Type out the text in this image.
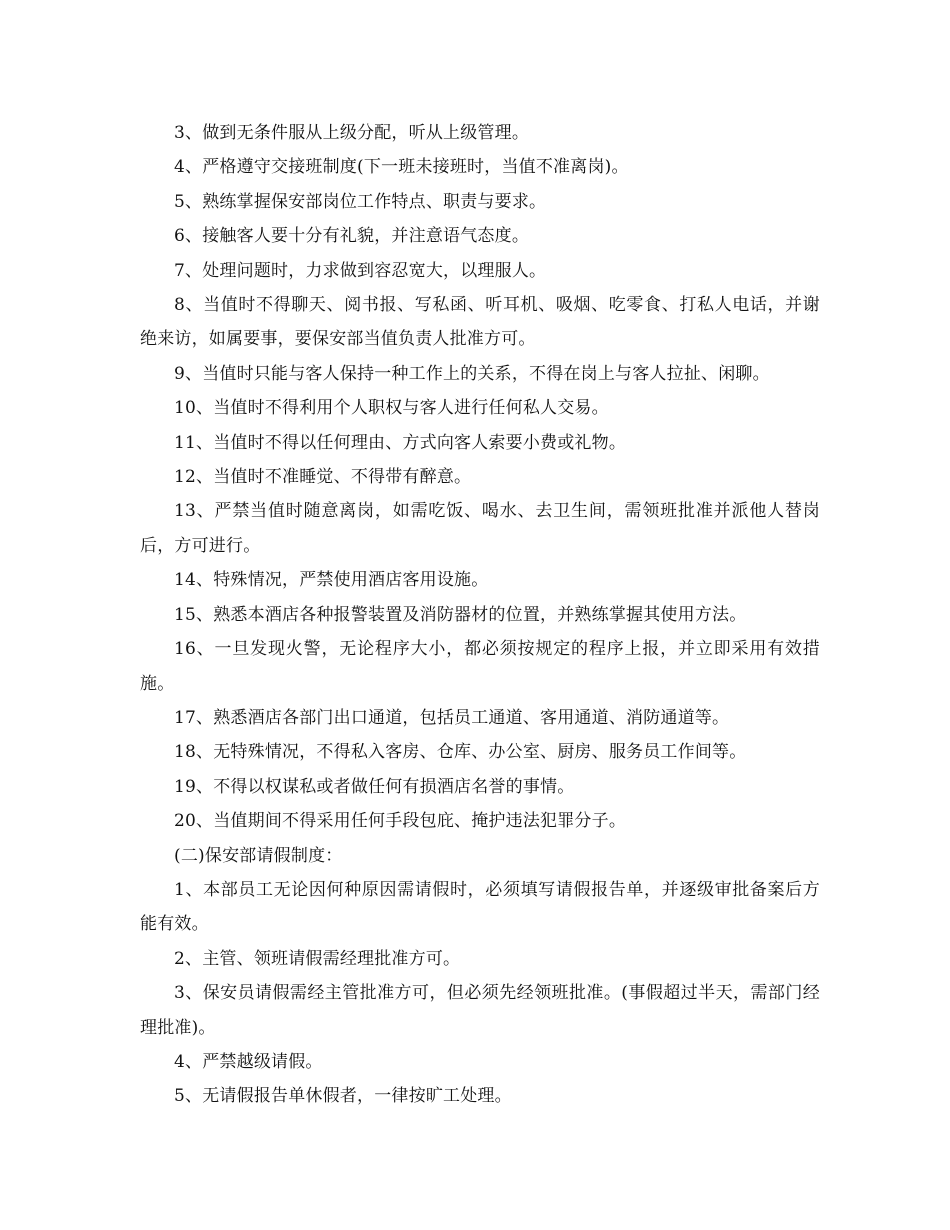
3、做到无条件服从上级分配，听从上级管理。

4、严格遵守交接班制度(下一班未接班时，当值不准离岗)。

5、熟练掌握保安部岗位工作特点、职责与要求。

6、接触客人要十分有礼貌，并注意语气态度。

7、处理问题时，力求做到容忍宽大，以理服人。

8、当值时不得聊天、阅书报、写私函、听耳机、吸烟、吃零食、打私人电话，并谢绝来访，如属要事，要保安部当值负责人批准方可。

9、当值时只能与客人保持一种工作上的关系，不得在岗上与客人拉扯、闲聊。

10、当值时不得利用个人职权与客人进行任何私人交易。

11、当值时不得以任何理由、方式向客人索要小费或礼物。

12、当值时不准睡觉、不得带有醉意。

13、严禁当值时随意离岗，如需吃饭、喝水、去卫生间，需领班批准并派他人替岗后，方可进行。

14、特殊情况，严禁使用酒店客用设施。

15、熟悉本酒店各种报警装置及消防器材的位置，并熟练掌握其使用方法。

16、一旦发现火警，无论程序大小，都必须按规定的程序上报，并立即采用有效措施。

17、熟悉酒店各部门出口通道，包括员工通道、客用通道、消防通道等。

18、无特殊情况，不得私入客房、仓库、办公室、厨房、服务员工作间等。

19、不得以权谋私或者做任何有损酒店名誉的事情。

20、当值期间不得采用任何手段包庇、掩护违法犯罪分子。

(二)保安部请假制度：

1、本部员工无论因何种原因需请假时，必须填写请假报告单，并逐级审批备案后方能有效。

2、主管、领班请假需经理批准方可。

3、保安员请假需经主管批准方可，但必须先经领班批准。(事假超过半天，需部门经理批准)。

4、严禁越级请假。

5、无请假报告单休假者，一律按旷工处理。
